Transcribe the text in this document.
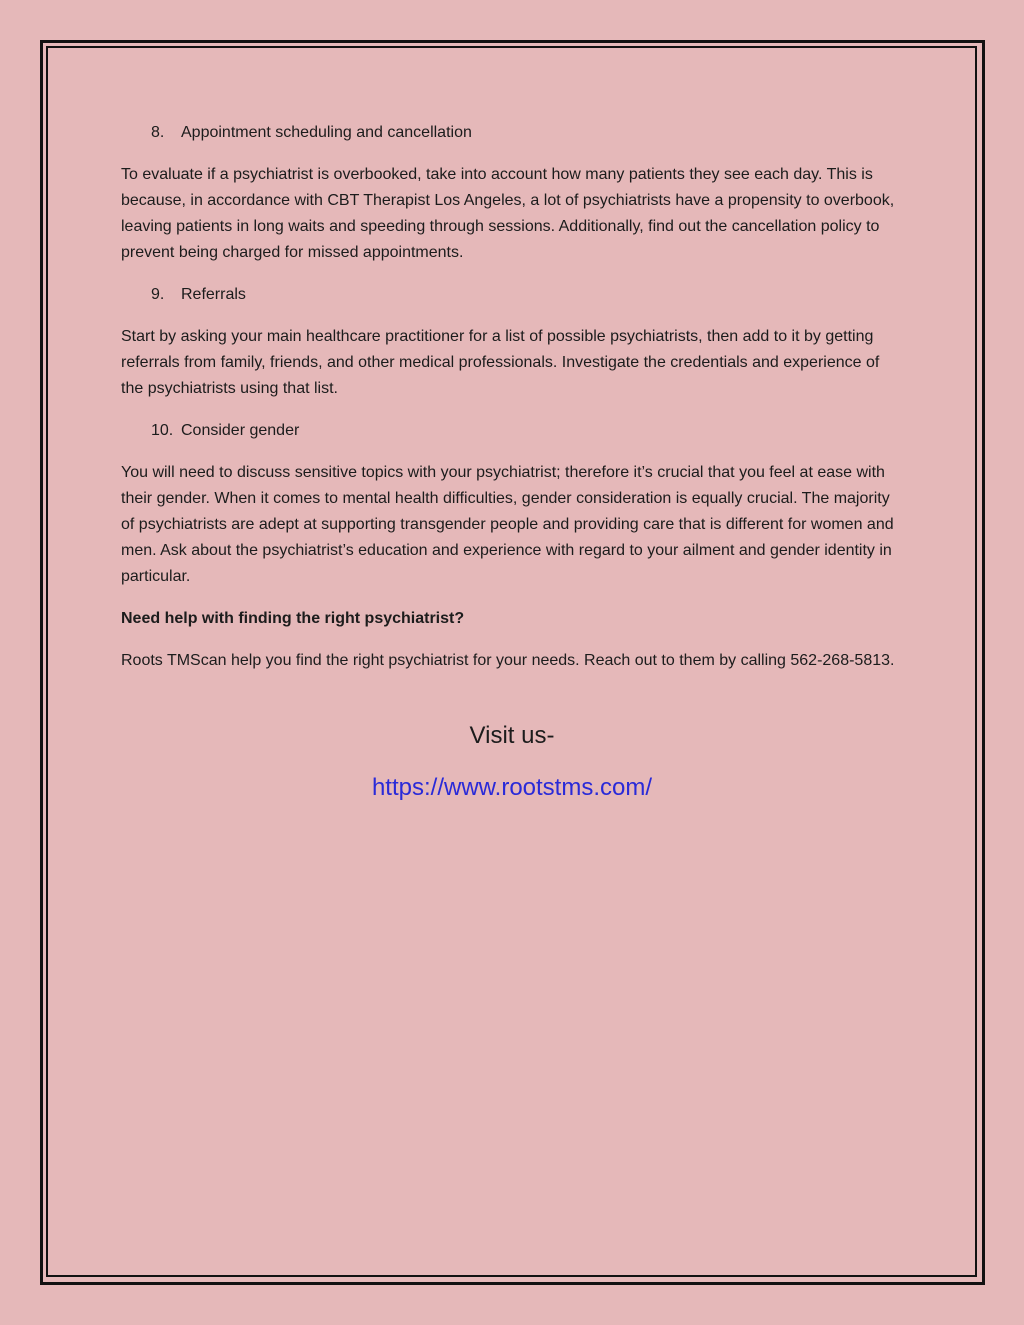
8.	Appointment scheduling and cancellation

To evaluate if a psychiatrist is overbooked, take into account how many patients they see each day. This is because, in accordance with CBT Therapist Los Angeles, a lot of psychiatrists have a propensity to overbook, leaving patients in long waits and speeding through sessions. Additionally, find out the cancellation policy to prevent being charged for missed appointments.

9.	Referrals

Start by asking your main healthcare practitioner for a list of possible psychiatrists, then add to it by getting referrals from family, friends, and other medical professionals. Investigate the credentials and experience of the psychiatrists using that list.

10. Consider gender

You will need to discuss sensitive topics with your psychiatrist; therefore it’s crucial that you feel at ease with their gender. When it comes to mental health difficulties, gender consideration is equally crucial. The majority of psychiatrists are adept at supporting transgender people and providing care that is different for women and men. Ask about the psychiatrist’s education and experience with regard to your ailment and gender identity in particular.

Need help with finding the right psychiatrist?

Roots TMScan help you find the right psychiatrist for your needs. Reach out to them by calling 562-268-5813.

Visit us-
https://www.rootstms.com/
